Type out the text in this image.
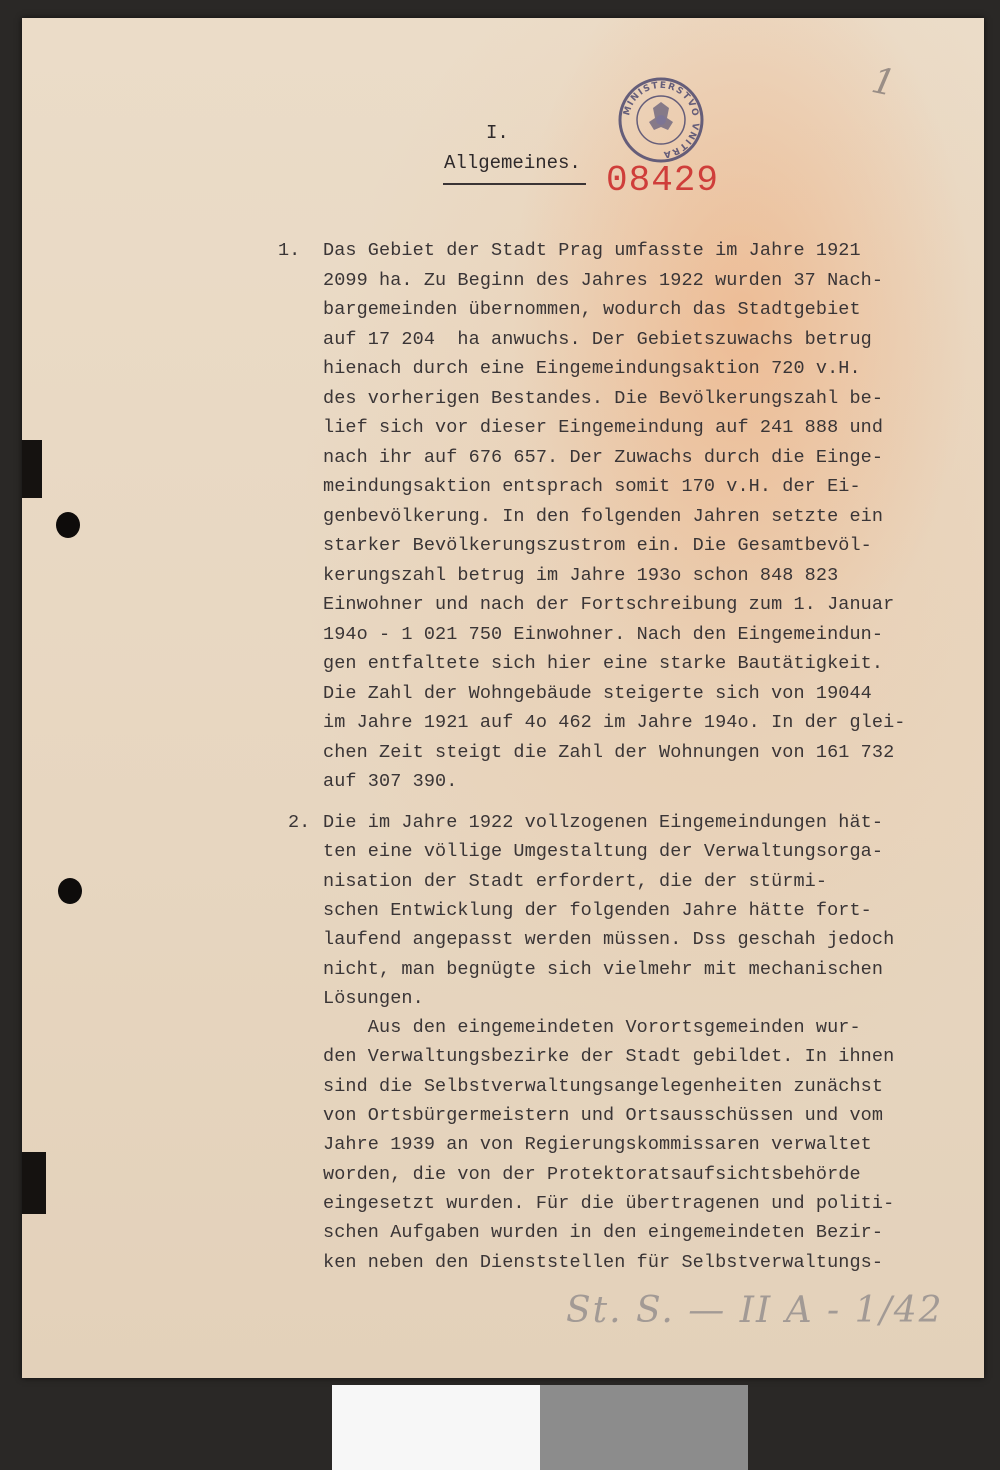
1
I.
Allgemeines.
MINISTERSTVO VNITRA
08429
1.
2.
Das Gebiet der Stadt Prag umfasste im Jahre 1921
2099 ha. Zu Beginn des Jahres 1922 wurden 37 Nach-
bargemeinden übernommen, wodurch das Stadtgebiet
auf 17 204  ha anwuchs. Der Gebietszuwachs betrug
hienach durch eine Eingemeindungsaktion 720 v.H.
des vorherigen Bestandes. Die Bevölkerungszahl be-
lief sich vor dieser Eingemeindung auf 241 888 und
nach ihr auf 676 657. Der Zuwachs durch die Einge-
meindungsaktion entsprach somit 170 v.H. der Ei-
genbevölkerung. In den folgenden Jahren setzte ein
starker Bevölkerungszustrom ein. Die Gesamtbevöl-
kerungszahl betrug im Jahre 193o schon 848 823
Einwohner und nach der Fortschreibung zum 1. Januar
194o - 1 021 750 Einwohner. Nach den Eingemeindun-
gen entfaltete sich hier eine starke Bautätigkeit.
Die Zahl der Wohngebäude steigerte sich von 19044
im Jahre 1921 auf 4o 462 im Jahre 194o. In der glei-
chen Zeit steigt die Zahl der Wohnungen von 161 732
auf 307 390.
Die im Jahre 1922 vollzogenen Eingemeindungen hät-
ten eine völlige Umgestaltung der Verwaltungsorga-
nisation der Stadt erfordert, die der stürmi-
schen Entwicklung der folgenden Jahre hätte fort-
laufend angepasst werden müssen. Dss geschah jedoch
nicht, man begnügte sich vielmehr mit mechanischen
Lösungen.
Aus den eingemeindeten Vorortsgemeinden wur-
den Verwaltungsbezirke der Stadt gebildet. In ihnen
sind die Selbstverwaltungsangelegenheiten zunächst
von Ortsbürgermeistern und Ortsausschüssen und vom
Jahre 1939 an von Regierungskommissaren verwaltet
worden, die von der Protektoratsaufsichtsbehörde
eingesetzt wurden. Für die übertragenen und politi-
schen Aufgaben wurden in den eingemeindeten Bezir-
ken neben den Dienststellen für Selbstverwaltungs-
St. S. — II A - 1/42
